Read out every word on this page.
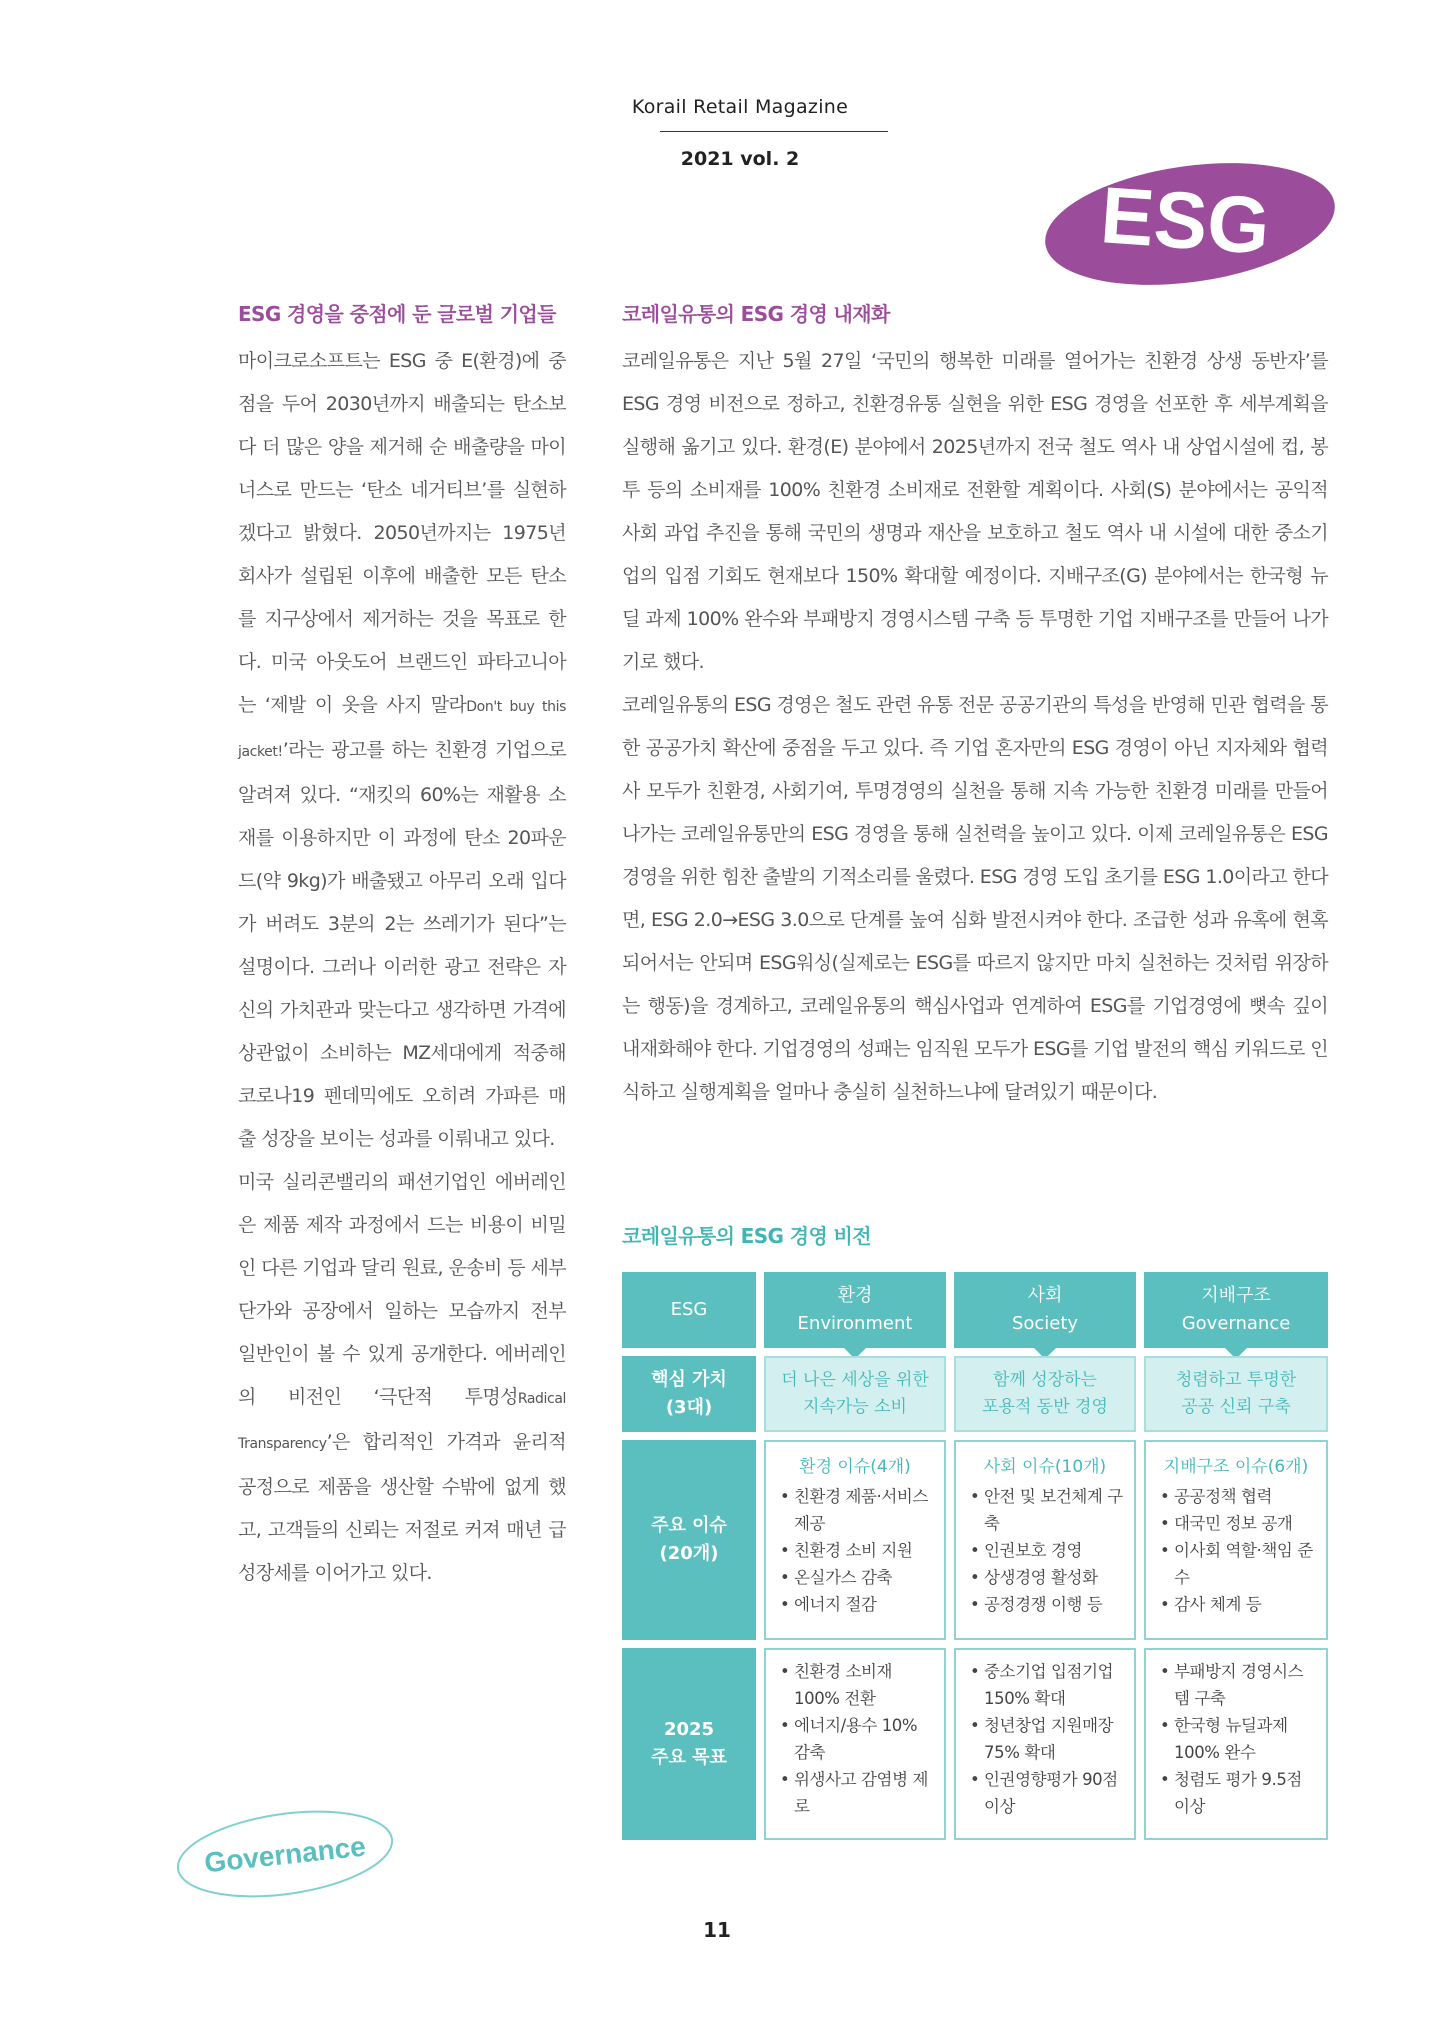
Korail Retail Magazine
2021 vol. 2
ESG
ESG 경영을 중점에 둔 글로벌 기업들

마이크로소프트는 ESG 중 E(환경)에 중점을 두어 2030년까지 배출되는 탄소보다 더 많은 양을 제거해 순 배출량을 마이너스로 만드는 ‘탄소 네거티브’를 실현하겠다고 밝혔다. 2050년까지는 1975년 회사가 설립된 이후에 배출한 모든 탄소를 지구상에서 제거하는 것을 목표로 한다. 미국 아웃도어 브랜드인 파타고니아는 ‘제발 이 옷을 사지 말라Don't buy this jacket!’라는 광고를 하는 친환경 기업으로 알려져 있다. “재킷의 60%는 재활용 소재를 이용하지만 이 과정에 탄소 20파운드(약 9kg)가 배출됐고 아무리 오래 입다가 버려도 3분의 2는 쓰레기가 된다”는 설명이다. 그러나 이러한 광고 전략은 자신의 가치관과 맞는다고 생각하면 가격에 상관없이 소비하는 MZ세대에게 적중해 코로나19 펜데믹에도 오히려 가파른 매출 성장을 보이는 성과를 이뤄내고 있다.

미국 실리콘밸리의 패션기업인 에버레인은 제품 제작 과정에서 드는 비용이 비밀인 다른 기업과 달리 원료, 운송비 등 세부 단가와 공장에서 일하는 모습까지 전부 일반인이 볼 수 있게 공개한다. 에버레인의 비전인 ‘극단적 투명성Radical Transparency’은 합리적인 가격과 윤리적 공정으로 제품을 생산할 수밖에 없게 했고, 고객들의 신뢰는 저절로 커져 매년 급성장세를 이어가고 있다.

코레일유통의 ESG 경영 내재화

코레일유통은 지난 5월 27일 ‘국민의 행복한 미래를 열어가는 친환경 상생 동반자’를 ESG 경영 비전으로 정하고, 친환경유통 실현을 위한 ESG 경영을 선포한 후 세부계획을 실행해 옮기고 있다. 환경(E) 분야에서 2025년까지 전국 철도 역사 내 상업시설에 컵, 봉투 등의 소비재를 100% 친환경 소비재로 전환할 계획이다. 사회(S) 분야에서는 공익적 사회 과업 추진을 통해 국민의 생명과 재산을 보호하고 철도 역사 내 시설에 대한 중소기업의 입점 기회도 현재보다 150% 확대할 예정이다. 지배구조(G) 분야에서는 한국형 뉴딜 과제 100% 완수와 부패방지 경영시스템 구축 등 투명한 기업 지배구조를 만들어 나가기로 했다.

코레일유통의 ESG 경영은 철도 관련 유통 전문 공공기관의 특성을 반영해 민관 협력을 통한 공공가치 확산에 중점을 두고 있다. 즉 기업 혼자만의 ESG 경영이 아닌 지자체와 협력사 모두가 친환경, 사회기여, 투명경영의 실천을 통해 지속 가능한 친환경 미래를 만들어 나가는 코레일유통만의 ESG 경영을 통해 실천력을 높이고 있다. 이제 코레일유통은 ESG 경영을 위한 힘찬 출발의 기적소리를 울렸다. ESG 경영 도입 초기를 ESG 1.0이라고 한다면, ESG 2.0→ESG 3.0으로 단계를 높여 심화 발전시켜야 한다. 조급한 성과 유혹에 현혹되어서는 안되며 ESG워싱(실제로는 ESG를 따르지 않지만 마치 실천하는 것처럼 위장하는 행동)을 경계하고, 코레일유통의 핵심사업과 연계하여 ESG를 기업경영에 뼛속 깊이 내재화해야 한다. 기업경영의 성패는 임직원 모두가 ESG를 기업 발전의 핵심 키워드로 인식하고 실행계획을 얼마나 충실히 실천하느냐에 달려있기 때문이다.

코레일유통의 ESG 경영 비전
ESG
환경
Environment
사회
Society
지배구조
Governance
핵심 가치
(3대)
더 나은 세상을 위한
지속가능 소비
함께 성장하는
포용적 동반 경영
청렴하고 투명한
공공 신뢰 구축
주요 이슈
(20개)
환경 이슈(4개)
• 친환경 제품·서비스 제공
• 친환경 소비 지원
• 온실가스 감축
• 에너지 절감
사회 이슈(10개)
• 안전 및 보건체계 구축
• 인권보호 경영
• 상생경영 활성화
• 공정경쟁 이행 등
지배구조 이슈(6개)
• 공공정책 협력
• 대국민 정보 공개
• 이사회 역할·책임 준수
• 감사 체계 등
2025
주요 목표
• 친환경 소비재 100% 전환
• 에너지/용수 10% 감축
• 위생사고 감염병 제로
• 중소기업 입점기업 150% 확대
• 청년창업 지원매장 75% 확대
• 인권영향평가 90점 이상
• 부패방지 경영시스템 구축
• 한국형 뉴딜과제 100% 완수
• 청렴도 평가 9.5점 이상
Governance
11
